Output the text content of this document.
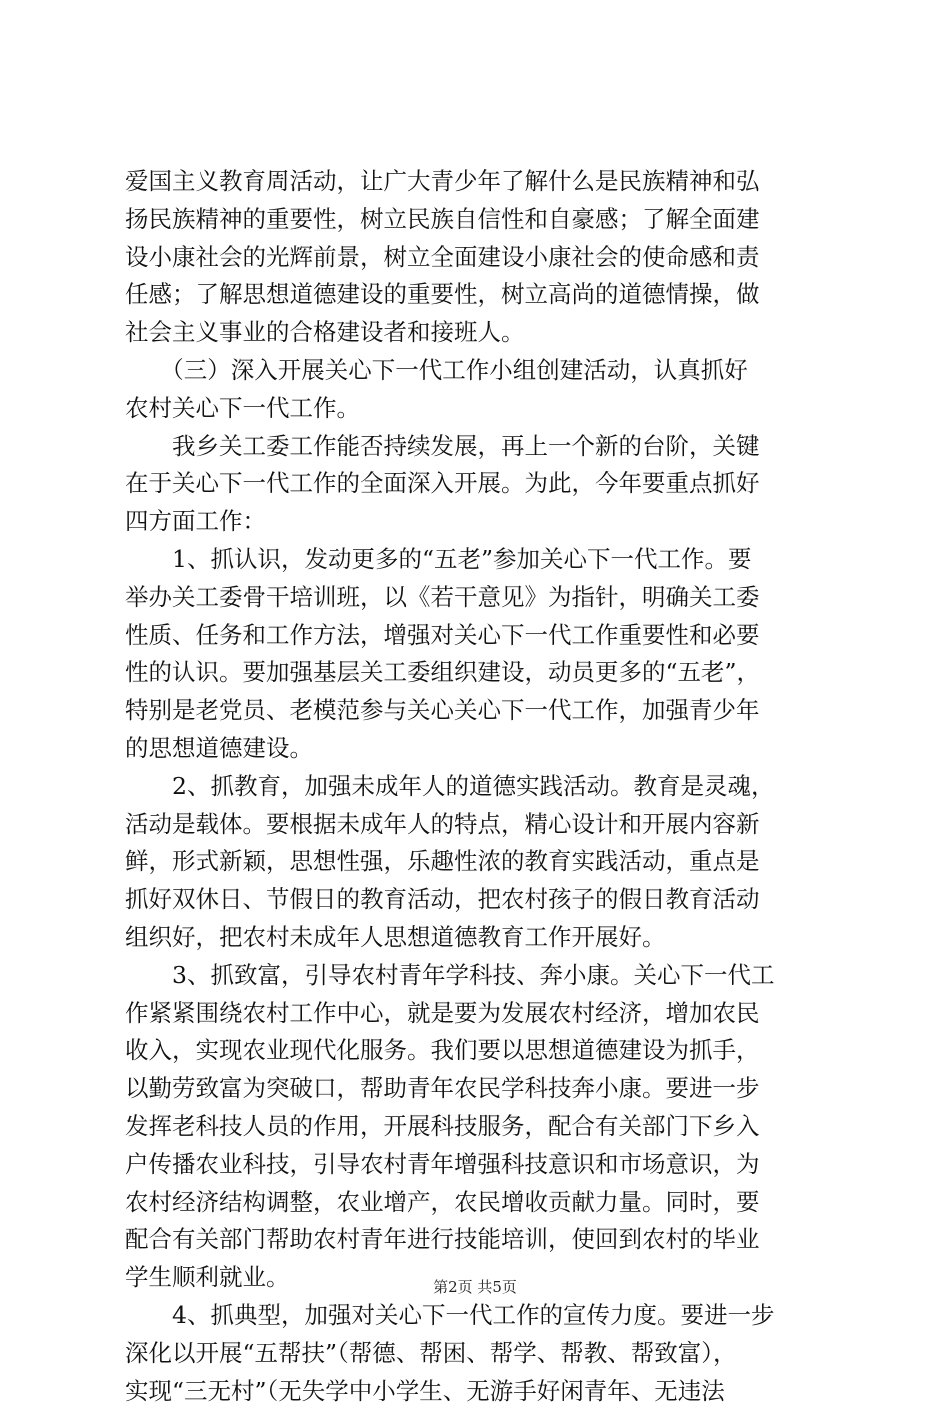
爱国主义教育周活动，让广大青少年了解什么是民族精神和弘
扬民族精神的重要性，树立民族自信性和自豪感；了解全面建
设小康社会的光辉前景，树立全面建设小康社会的使命感和责
任感；了解思想道德建设的重要性，树立高尚的道德情操，做
社会主义事业的合格建设者和接班人。
　　（三）深入开展关心下一代工作小组创建活动，认真抓好
农村关心下一代工作。
　　我乡关工委工作能否持续发展，再上一个新的台阶，关键
在于关心下一代工作的全面深入开展。为此，今年要重点抓好
四方面工作：
　　1、抓认识，发动更多的“五老”参加关心下一代工作。要
举办关工委骨干培训班，以《若干意见》为指针，明确关工委
性质、任务和工作方法，增强对关心下一代工作重要性和必要
性的认识。要加强基层关工委组织建设，动员更多的“五老”，
特别是老党员、老模范参与关心关心下一代工作，加强青少年
的思想道德建设。
　　2、抓教育，加强未成年人的道德实践活动。教育是灵魂，
活动是载体。要根据未成年人的特点，精心设计和开展内容新
鲜，形式新颖，思想性强，乐趣性浓的教育实践活动，重点是
抓好双休日、节假日的教育活动，把农村孩子的假日教育活动
组织好，把农村未成年人思想道德教育工作开展好。
　　3、抓致富，引导农村青年学科技、奔小康。关心下一代工
作紧紧围绕农村工作中心，就是要为发展农村经济，增加农民
收入，实现农业现代化服务。我们要以思想道德建设为抓手，
以勤劳致富为突破口，帮助青年农民学科技奔小康。要进一步
发挥老科技人员的作用，开展科技服务，配合有关部门下乡入
户传播农业科技，引导农村青年增强科技意识和市场意识，为
农村经济结构调整，农业增产，农民增收贡献力量。同时，要
配合有关部门帮助农村青年进行技能培训，使回到农村的毕业
学生顺利就业。
　　4、抓典型，加强对关心下一代工作的宣传力度。要进一步
深化以开展“五帮扶”（帮德、帮困、帮学、帮教、帮致富），
实现“三无村”（无失学中小学生、无游手好闲青年、无违法
第2页 共5页
